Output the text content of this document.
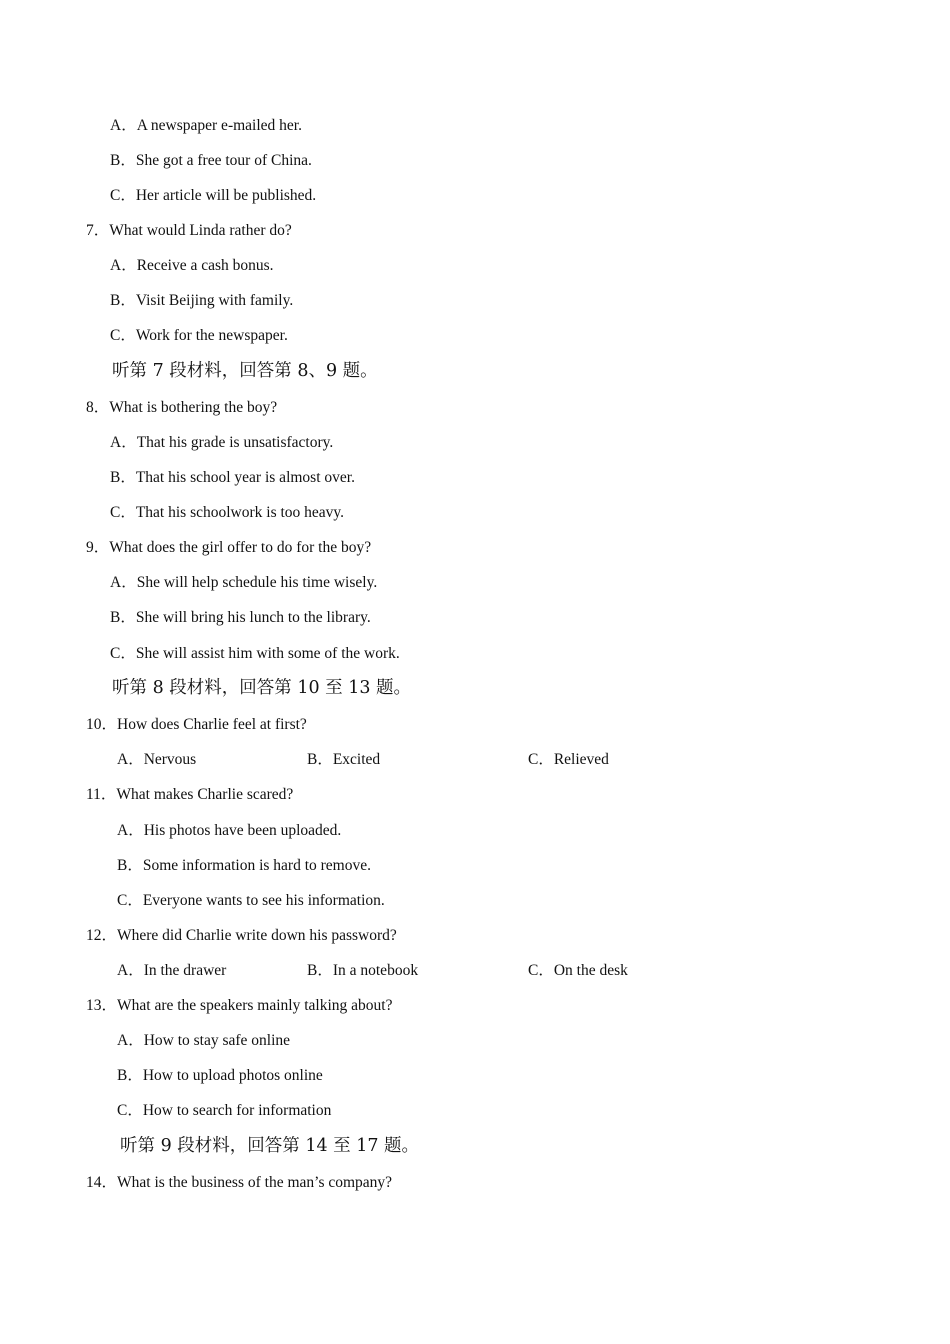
A．A newspaper e-mailed her.
B．She got a free tour of China.
C．Her article will be published.
7．What would Linda rather do?
A．Receive a cash bonus.
B．Visit Beijing with family.
C．Work for the newspaper.
听第 7 段材料，回答第 8、9 题。
8．What is bothering the boy?
A．That his grade is unsatisfactory.
B．That his school year is almost over.
C．That his schoolwork is too heavy.
9．What does the girl offer to do for the boy?
A．She will help schedule his time wisely.
B．She will bring his lunch to the library.
C．She will assist him with some of the work.
听第 8 段材料，回答第 10 至 13 题。
10．How does Charlie feel at first?
A．Nervous	B．Excited	C．Relieved
11．What makes Charlie scared?
A．His photos have been uploaded.
B．Some information is hard to remove.
C．Everyone wants to see his information.
12．Where did Charlie write down his password?
A．In the drawer	B．In a notebook	C．On the desk
13．What are the speakers mainly talking about?
A．How to stay safe online
B．How to upload photos online
C．How to search for information
听第 9 段材料，回答第 14 至 17 题。
14．What is the business of the man’s company?
